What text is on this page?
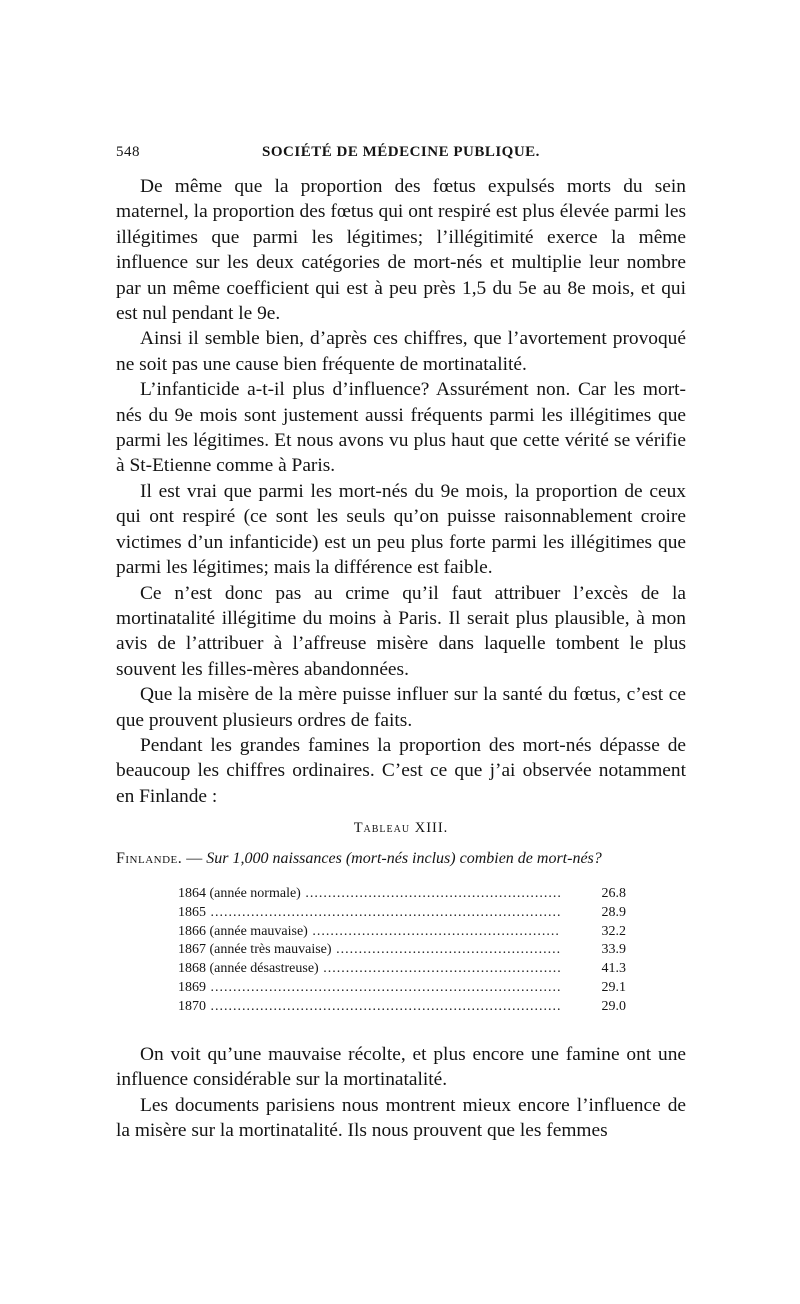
548	SOCIÉTÉ DE MÉDECINE PUBLIQUE.

De même que la proportion des fœtus expulsés morts du sein maternel, la proportion des fœtus qui ont respiré est plus élevée parmi les illégitimes que parmi les légitimes; l’illégitimité exerce la même influence sur les deux catégories de mort-nés et multiplie leur nombre par un même coefficient qui est à peu près 1,5 du 5e au 8e mois, et qui est nul pendant le 9e.

Ainsi il semble bien, d’après ces chiffres, que l’avortement provoqué ne soit pas une cause bien fréquente de mortinatalité.

L’infanticide a-t-il plus d’influence? Assurément non. Car les mort-nés du 9e mois sont justement aussi fréquents parmi les illégitimes que parmi les légitimes. Et nous avons vu plus haut que cette vérité se vérifie à St-Etienne comme à Paris.

Il est vrai que parmi les mort-nés du 9e mois, la proportion de ceux qui ont respiré (ce sont les seuls qu’on puisse raisonnablement croire victimes d’un infanticide) est un peu plus forte parmi les illégitimes que parmi les légitimes; mais la différence est faible.

Ce n’est donc pas au crime qu’il faut attribuer l’excès de la mortinatalité illégitime du moins à Paris. Il serait plus plausible, à mon avis de l’attribuer à l’affreuse misère dans laquelle tombent le plus souvent les filles-mères abandonnées.

Que la misère de la mère puisse influer sur la santé du fœtus, c’est ce que prouvent plusieurs ordres de faits.

Pendant les grandes famines la proportion des mort-nés dépasse de beaucoup les chiffres ordinaires. C’est ce que j’ai observée notamment en Finlande :

Tableau XIII.
Finlande. — Sur 1,000 naissances (mort-nés inclus) combien de mort-nés?
1864 (année normale) .....	26.8
1865 .....	28.9
1866 (année mauvaise) .....	32.2
1867 (année très mauvaise) .....	33.9
1868 (année désastreuse) .....	41.3
1869 .....	29.1
1870 .....	29.0

On voit qu’une mauvaise récolte, et plus encore une famine ont une influence considérable sur la mortinatalité.

Les documents parisiens nous montrent mieux encore l’influence de la misère sur la mortinatalité. Ils nous prouvent que les femmes
